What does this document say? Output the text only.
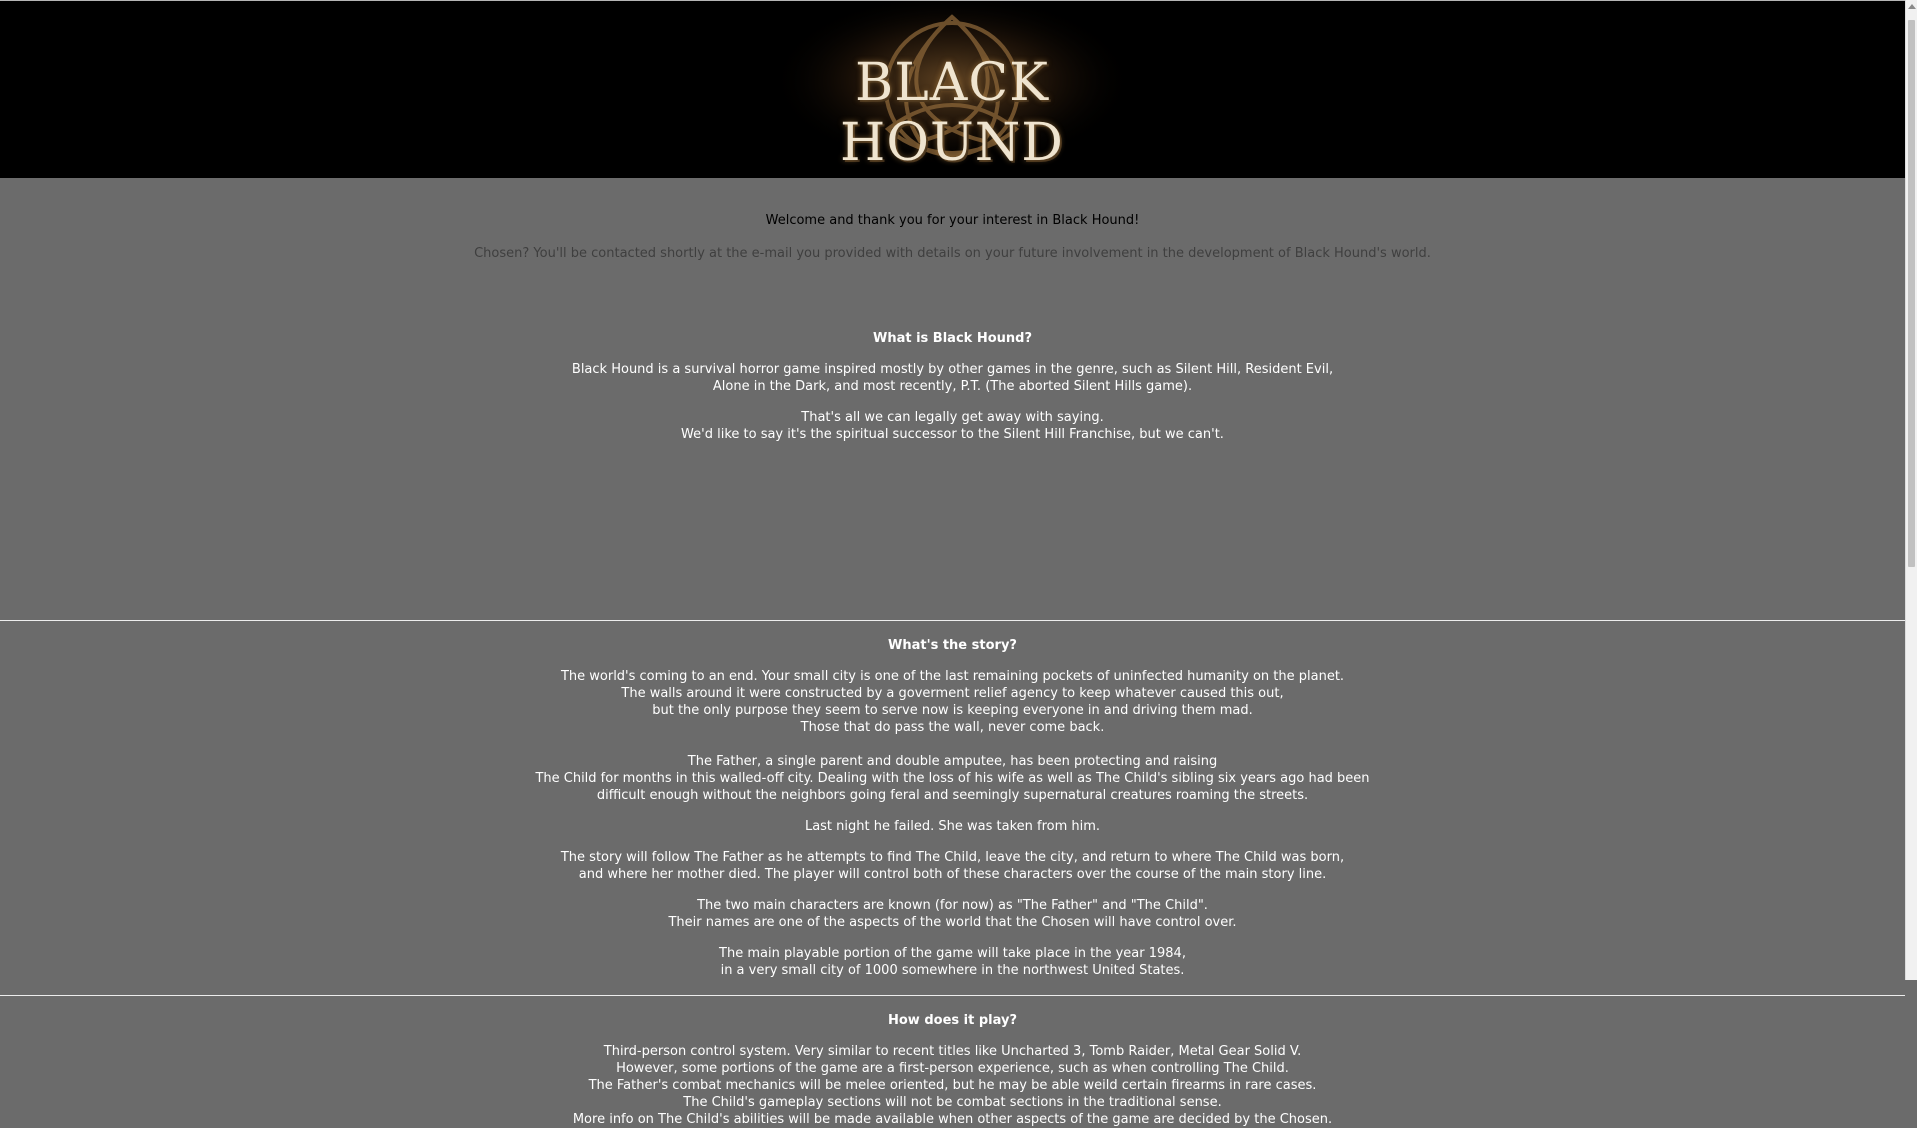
BLACK HOUND

Welcome and thank you for your interest in Black Hound!

Chosen? You'll be contacted shortly at the e-mail you provided with details on your future involvement in the development of Black Hound's world.

What is Black Hound?

Black Hound is a survival horror game inspired mostly by other games in the genre, such as Silent Hill, Resident Evil,
Alone in the Dark, and most recently, P.T. (The aborted Silent Hills game).

That's all we can legally get away with saying.
We'd like to say it's the spiritual successor to the Silent Hill Franchise, but we can't.

What's the story?

The world's coming to an end. Your small city is one of the last remaining pockets of uninfected humanity on the planet.
The walls around it were constructed by a goverment relief agency to keep whatever caused this out,
but the only purpose they seem to serve now is keeping everyone in and driving them mad.
Those that do pass the wall, never come back.

The Father, a single parent and double amputee, has been protecting and raising
The Child for months in this walled-off city. Dealing with the loss of his wife as well as The Child's sibling six years ago had been
difficult enough without the neighbors going feral and seemingly supernatural creatures roaming the streets.

Last night he failed. She was taken from him.

The story will follow The Father as he attempts to find The Child, leave the city, and return to where The Child was born,
and where her mother died. The player will control both of these characters over the course of the main story line.

The two main characters are known (for now) as "The Father" and "The Child".
Their names are one of the aspects of the world that the Chosen will have control over.

The main playable portion of the game will take place in the year 1984,
in a very small city of 1000 somewhere in the northwest United States.

How does it play?

Third-person control system. Very similar to recent titles like Uncharted 3, Tomb Raider, Metal Gear Solid V.
However, some portions of the game are a first-person experience, such as when controlling The Child.
The Father's combat mechanics will be melee oriented, but he may be able weild certain firearms in rare cases.
The Child's gameplay sections will not be combat sections in the traditional sense.
More info on The Child's abilities will be made available when other aspects of the game are decided by the Chosen.
